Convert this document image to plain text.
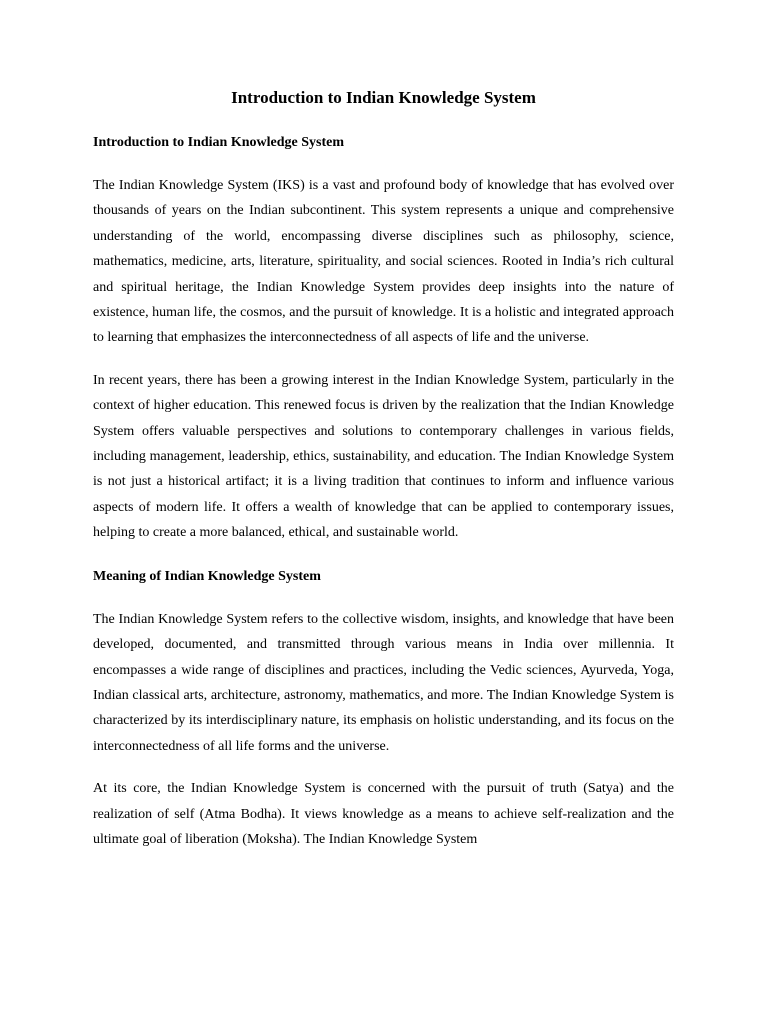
Introduction to Indian Knowledge System
Introduction to Indian Knowledge System

The Indian Knowledge System (IKS) is a vast and profound body of knowledge that has evolved over thousands of years on the Indian subcontinent. This system represents a unique and comprehensive understanding of the world, encompassing diverse disciplines such as philosophy, science, mathematics, medicine, arts, literature, spirituality, and social sciences. Rooted in India’s rich cultural and spiritual heritage, the Indian Knowledge System provides deep insights into the nature of existence, human life, the cosmos, and the pursuit of knowledge. It is a holistic and integrated approach to learning that emphasizes the interconnectedness of all aspects of life and the universe.

In recent years, there has been a growing interest in the Indian Knowledge System, particularly in the context of higher education. This renewed focus is driven by the realization that the Indian Knowledge System offers valuable perspectives and solutions to contemporary challenges in various fields, including management, leadership, ethics, sustainability, and education. The Indian Knowledge System is not just a historical artifact; it is a living tradition that continues to inform and influence various aspects of modern life. It offers a wealth of knowledge that can be applied to contemporary issues, helping to create a more balanced, ethical, and sustainable world.

Meaning of Indian Knowledge System

The Indian Knowledge System refers to the collective wisdom, insights, and knowledge that have been developed, documented, and transmitted through various means in India over millennia. It encompasses a wide range of disciplines and practices, including the Vedic sciences, Ayurveda, Yoga, Indian classical arts, architecture, astronomy, mathematics, and more. The Indian Knowledge System is characterized by its interdisciplinary nature, its emphasis on holistic understanding, and its focus on the interconnectedness of all life forms and the universe.

At its core, the Indian Knowledge System is concerned with the pursuit of truth (Satya) and the realization of self (Atma Bodha). It views knowledge as a means to achieve self-realization and the ultimate goal of liberation (Moksha). The Indian Knowledge System
